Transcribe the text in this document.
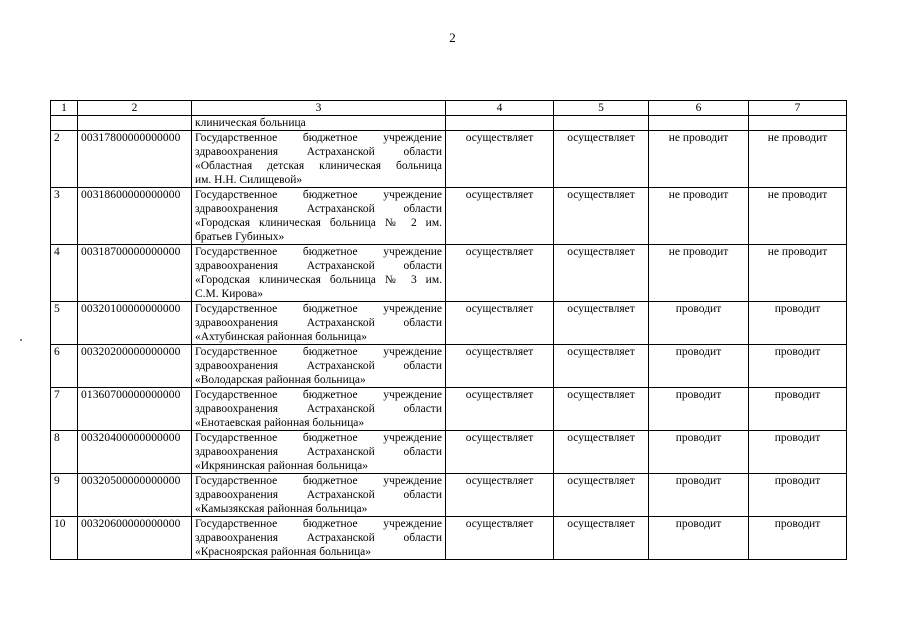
2
1	2	3	4	5	6	7
		клиническая больница				
2	00317800000000000	Государственное бюджетное учреждение
здравоохранения Астраханской области
«Областная детская клиническая больница
им. Н.Н. Силищевой»	осуществляет	осуществляет	не проводит	не проводит
3	00318600000000000	Государственное бюджетное учреждение
здравоохранения Астраханской области
«Городская клиническая больница № 2 им.
братьев Губиных»	осуществляет	осуществляет	не проводит	не проводит
4	00318700000000000	Государственное бюджетное учреждение
здравоохранения Астраханской области
«Городская клиническая больница № 3 им.
С.М. Кирова»	осуществляет	осуществляет	не проводит	не проводит
5	00320100000000000	Государственное бюджетное учреждение
здравоохранения Астраханской области
«Ахтубинская районная больница»	осуществляет	осуществляет	проводит	проводит
6	00320200000000000	Государственное бюджетное учреждение
здравоохранения Астраханской области
«Володарская районная больница»	осуществляет	осуществляет	проводит	проводит
7	01360700000000000	Государственное бюджетное учреждение
здравоохранения Астраханской области
«Енотаевская районная больница»	осуществляет	осуществляет	проводит	проводит
8	00320400000000000	Государственное бюджетное учреждение
здравоохранения Астраханской области
«Икрянинская районная больница»	осуществляет	осуществляет	проводит	проводит
9	00320500000000000	Государственное бюджетное учреждение
здравоохранения Астраханской области
«Камызякская районная больница»	осуществляет	осуществляет	проводит	проводит
10	00320600000000000	Государственное бюджетное учреждение
здравоохранения Астраханской области
«Красноярская районная больница»	осуществляет	осуществляет	проводит	проводит
